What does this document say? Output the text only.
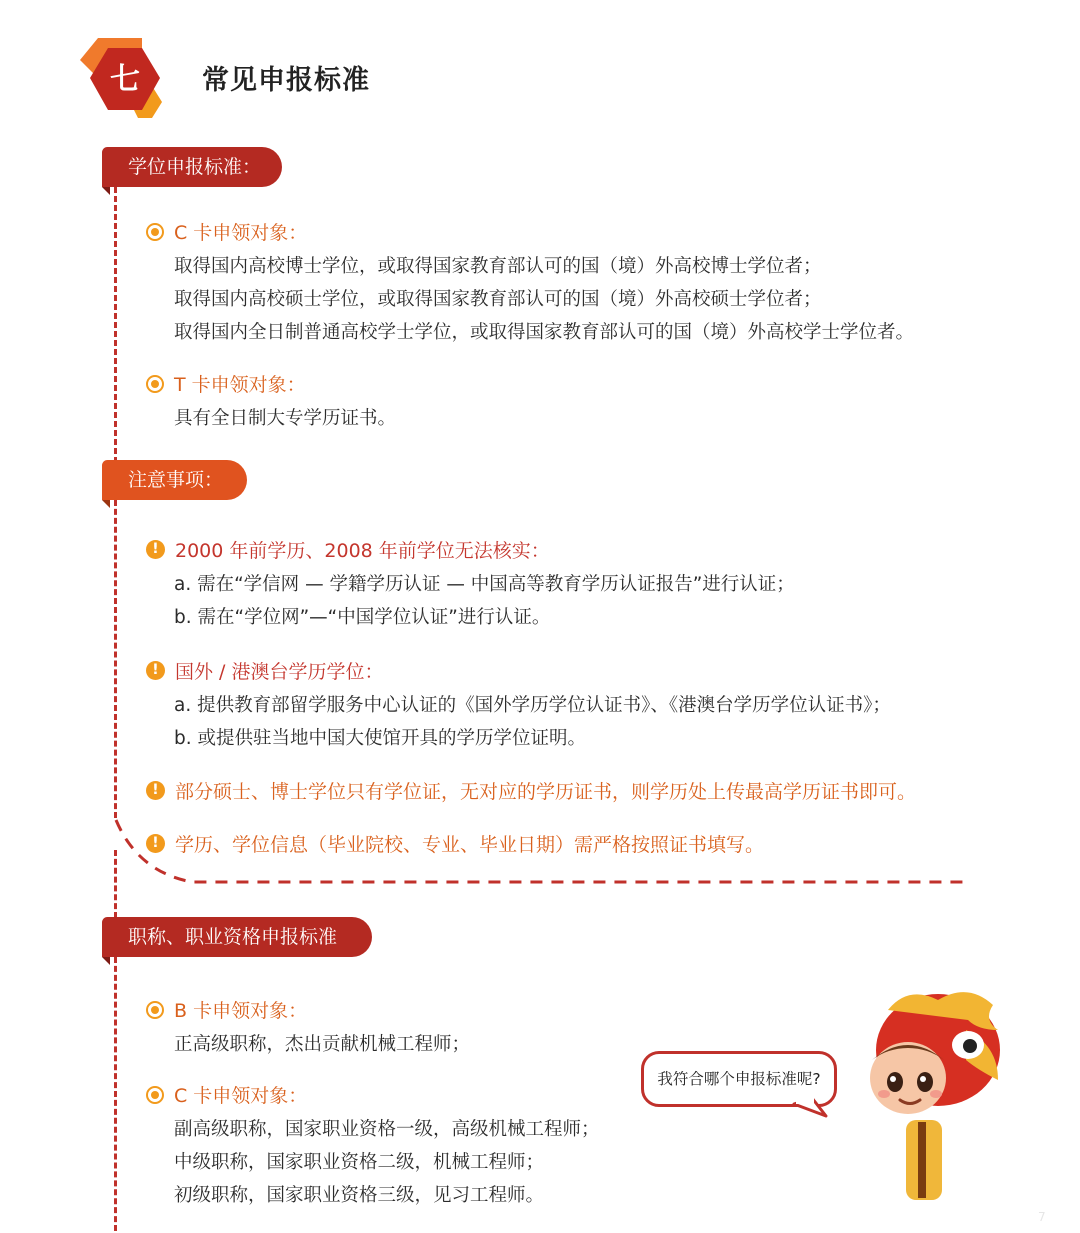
七 常见申报标准
学位申报标准：
C 卡申领对象：
取得国内高校博士学位，或取得国家教育部认可的国（境）外高校博士学位者；
取得国内高校硕士学位，或取得国家教育部认可的国（境）外高校硕士学位者；
取得国内全日制普通高校学士学位，或取得国家教育部认可的国（境）外高校学士学位者。
T 卡申领对象：
具有全日制大专学历证书。
注意事项：
! 2000 年前学历、2008 年前学位无法核实：
a. 需在“学信网 — 学籍学历认证 — 中国高等教育学历认证报告”进行认证；
b. 需在“学位网”—“中国学位认证”进行认证。
! 国外 / 港澳台学历学位：
a. 提供教育部留学服务中心认证的《国外学历学位认证书》、《港澳台学历学位认证书》；
b. 或提供驻当地中国大使馆开具的学历学位证明。
! 部分硕士、博士学位只有学位证，无对应的学历证书，则学历处上传最高学历证书即可。
! 学历、学位信息（毕业院校、专业、毕业日期）需严格按照证书填写。
职称、职业资格申报标准
B 卡申领对象：
正高级职称，杰出贡献机械工程师；
C 卡申领对象：
副高级职称，国家职业资格一级，高级机械工程师；
中级职称，国家职业资格二级，机械工程师；
初级职称，国家职业资格三级，见习工程师。
我符合哪个申报标准呢?
7
